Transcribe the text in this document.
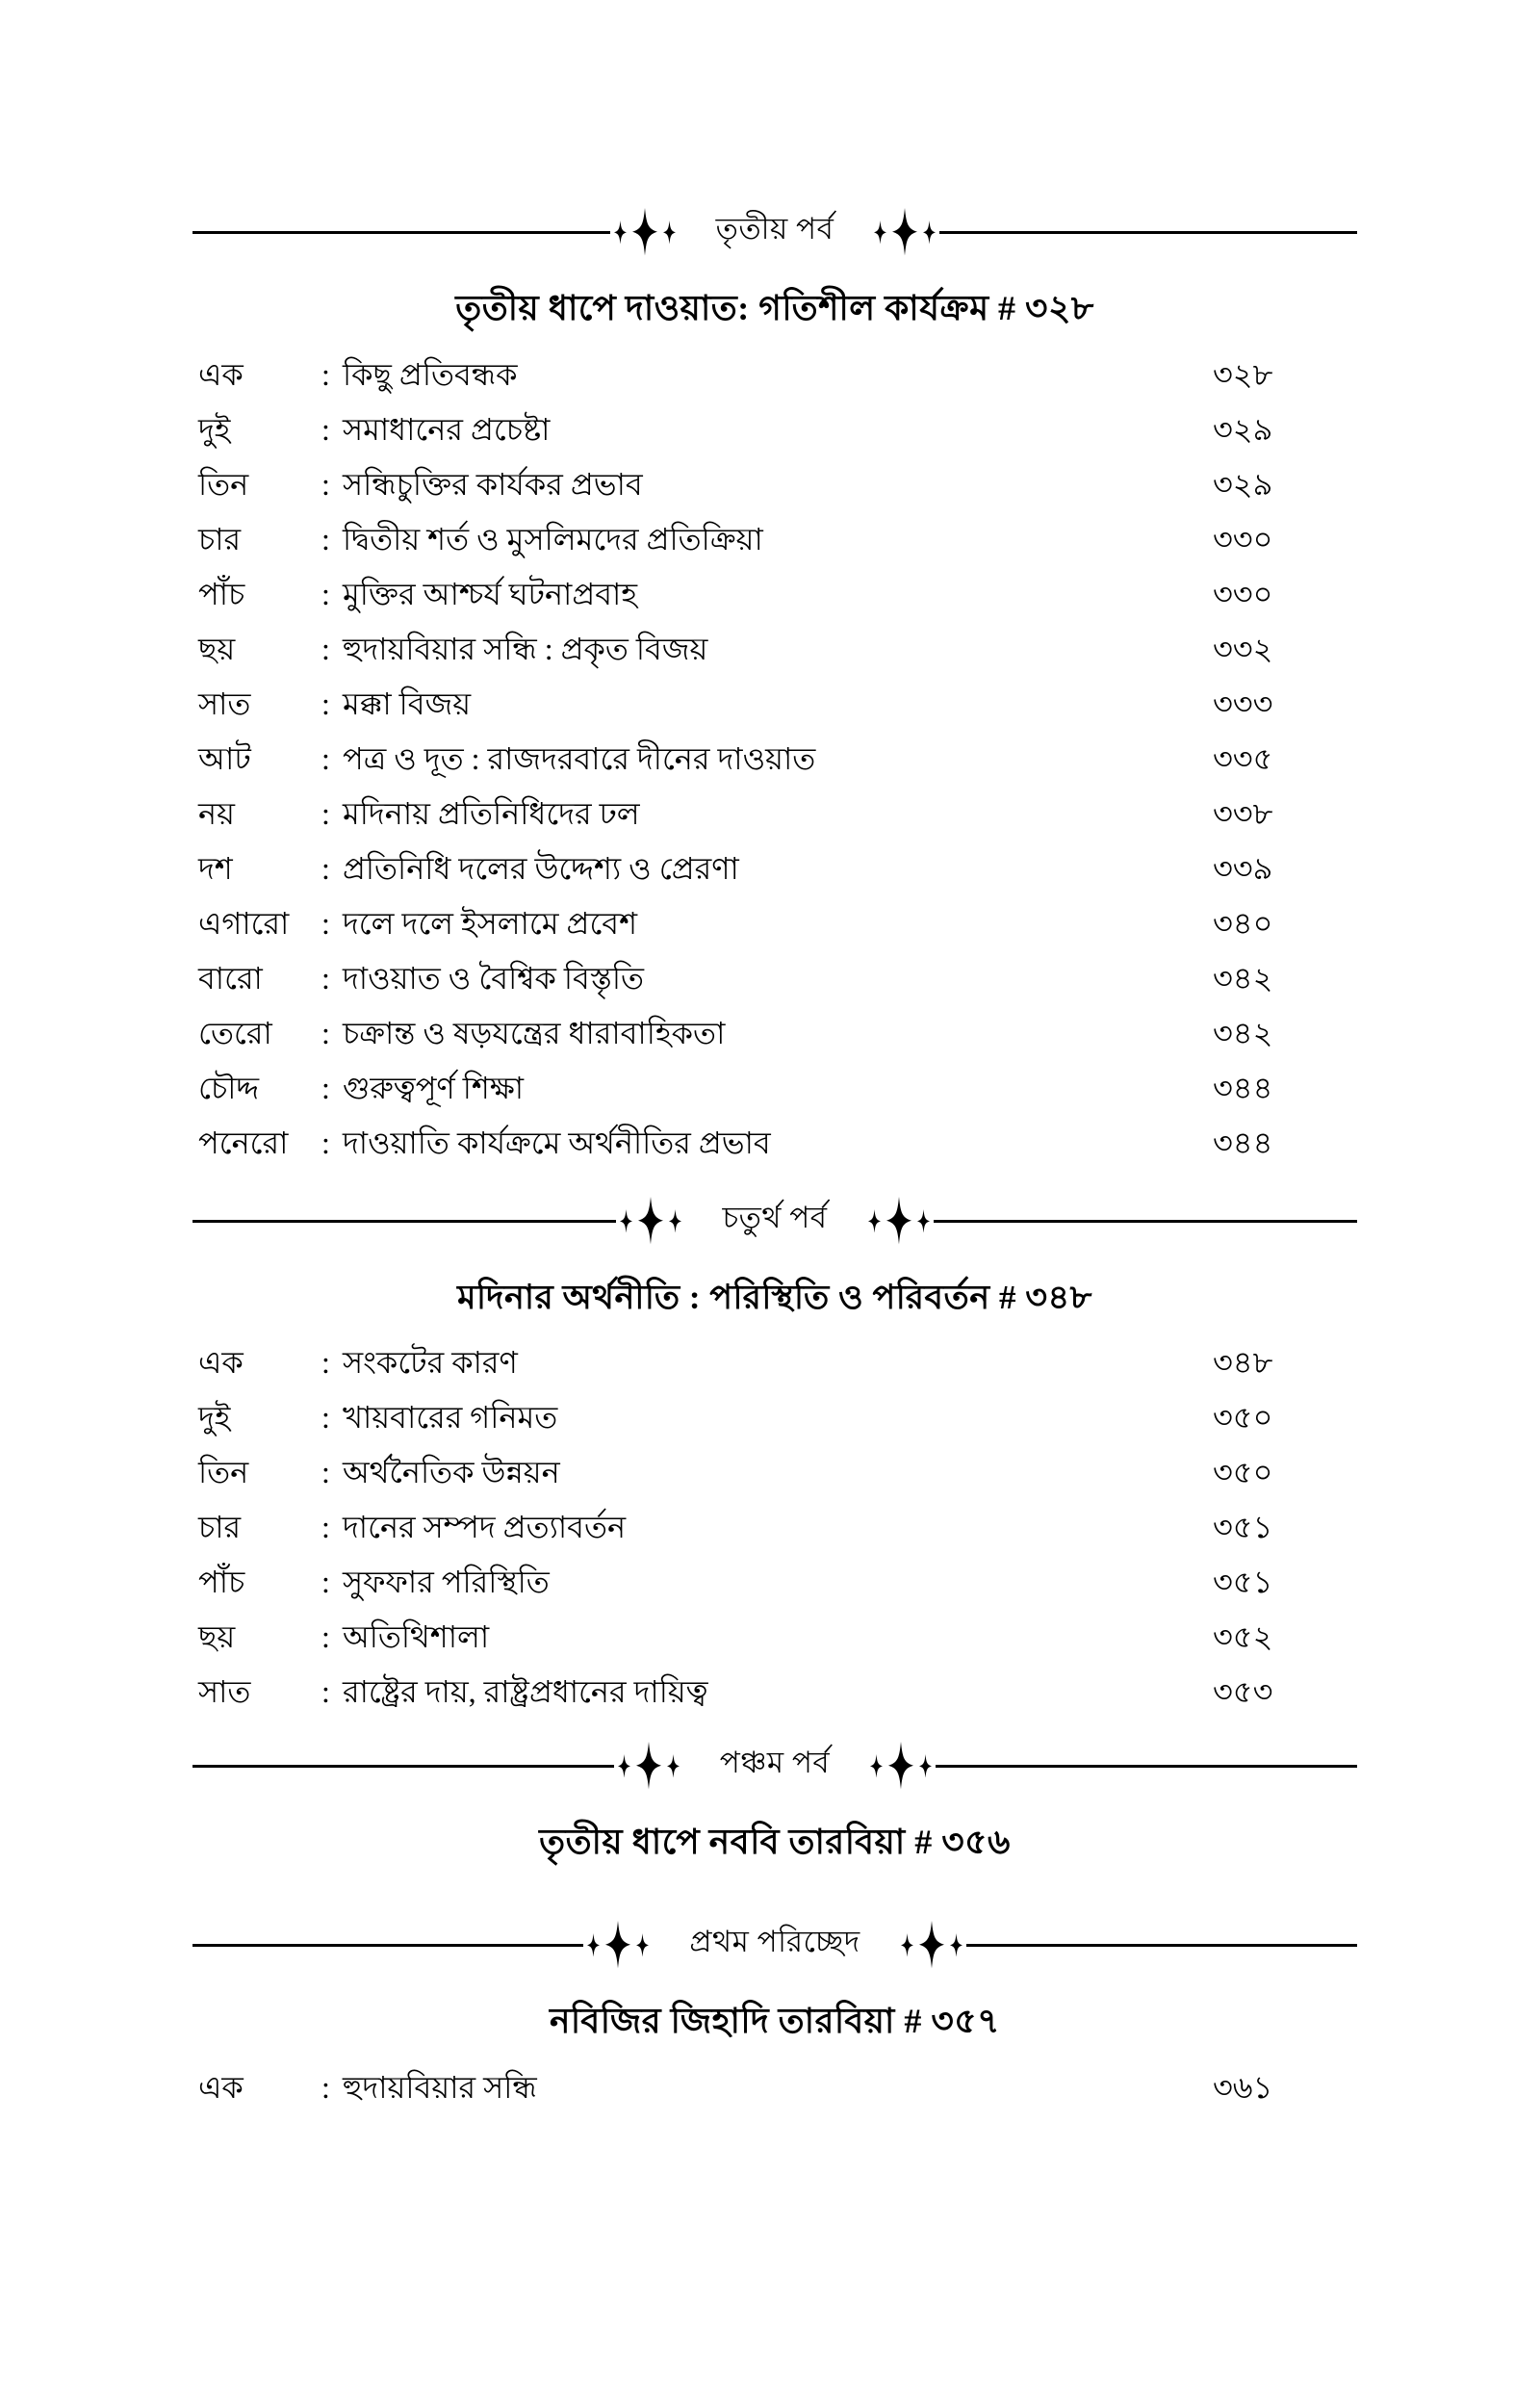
তৃতীয় পর্ব
তৃতীয় ধাপে দাওয়াত: গতিশীল কার্যক্রম # ৩২৮
এক	:	কিছু প্রতিবন্ধক	৩২৮
দুই	:	সমাধানের প্রচেষ্টা	৩২৯
তিন	:	সন্ধিচুক্তির কার্যকর প্রভাব	৩২৯
চার	:	দ্বিতীয় শর্ত ও মুসলিমদের প্রতিক্রিয়া	৩৩০
পাঁচ	:	মুক্তির আশ্চর্য ঘটনাপ্রবাহ	৩৩০
ছয়	:	হুদায়বিয়ার সন্ধি : প্রকৃত বিজয়	৩৩২
সাত	:	মক্কা বিজয়	৩৩৩
আট	:	পত্র ও দূত : রাজদরবারে দীনের দাওয়াত	৩৩৫
নয়	:	মদিনায় প্রতিনিধিদের ঢল	৩৩৮
দশ	:	প্রতিনিধি দলের উদ্দেশ্য ও প্রেরণা	৩৩৯
এগারো	:	দলে দলে ইসলামে প্রবেশ	৩৪০
বারো	:	দাওয়াত ও বৈশ্বিক বিস্তৃতি	৩৪২
তেরো	:	চক্রান্ত ও ষড়যন্ত্রের ধারাবাহিকতা	৩৪২
চৌদ্দ	:	গুরুত্বপূর্ণ শিক্ষা	৩৪৪
পনেরো	:	দাওয়াতি কার্যক্রমে অর্থনীতির প্রভাব	৩৪৪
চতুর্থ পর্ব
মদিনার অর্থনীতি : পরিস্থিতি ও পরিবর্তন # ৩৪৮
এক	:	সংকটের কারণ	৩৪৮
দুই	:	খায়বারের গনিমত	৩৫০
তিন	:	অর্থনৈতিক উন্নয়ন	৩৫০
চার	:	দানের সম্পদ প্রত্যাবর্তন	৩৫১
পাঁচ	:	সুফফার পরিস্থিতি	৩৫১
ছয়	:	অতিথিশালা	৩৫২
সাত	:	রাষ্ট্রের দায়, রাষ্ট্রপ্রধানের দায়িত্ব	৩৫৩
পঞ্চম পর্ব
তৃতীয় ধাপে নববি তারবিয়া # ৩৫৬
প্রথম পরিচ্ছেদ
নবিজির জিহাদি তারবিয়া # ৩৫৭
এক	:	হুদায়বিয়ার সন্ধি	৩৬১
